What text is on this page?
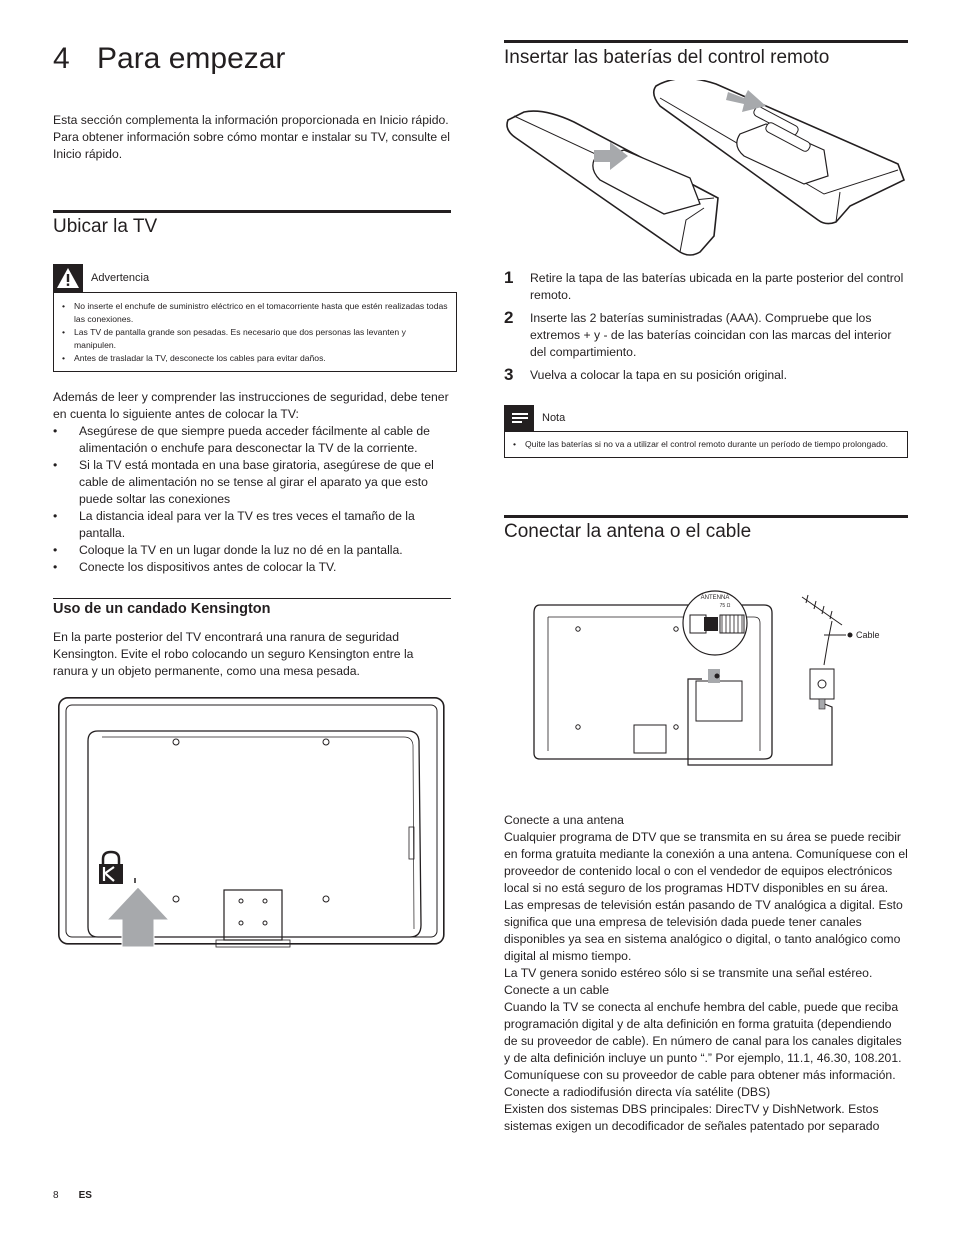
4 Para empezar

Esta sección complementa la información proporcionada en Inicio rápido. Para obtener información sobre cómo montar e instalar su TV, consulte el Inicio rápido.

Ubicar la TV
Advertencia
• No inserte el enchufe de suministro eléctrico en el tomacorriente hasta que estén realizadas todas las conexiones.
• Las TV de pantalla grande son pesadas. Es necesario que dos personas las levanten y manipulen.
• Antes de trasladar la TV, desconecte los cables para evitar daños.

Además de leer y comprender las instrucciones de seguridad, debe tener en cuenta lo siguiente antes de colocar la TV:

• Asegúrese de que siempre pueda acceder fácilmente al cable de alimentación o enchufe para desconectar la TV de la corriente.
• Si la TV está montada en una base giratoria, asegúrese de que el cable de alimentación no se tense al girar el aparato ya que esto puede soltar las conexiones
• La distancia ideal para ver la TV es tres veces el tamaño de la pantalla.
• Coloque la TV en un lugar donde la luz no dé en la pantalla.
• Conecte los dispositivos antes de colocar la TV.
Uso de un candado Kensington

En la parte posterior del TV encontrará una ranura de seguridad Kensington. Evite el robo colocando un seguro Kensington entre la ranura y un objeto permanente, como una mesa pesada.

Insertar las baterías del control remoto
1	Retire la tapa de las baterías ubicada en la parte posterior del control remoto.
2	Inserte las 2 baterías suministradas (AAA). Compruebe que los extremos + y - de las baterías coincidan con las marcas del interior del compartimiento.
3	Vuelva a colocar la tapa en su posición original.
Nota
• Quite las baterías si no va a utilizar el control remoto durante un período de tiempo prolongado.
Conectar la antena o el cable
ANTENNA
75 Ω
Cable

Conecte a una antena

Cualquier programa de DTV que se transmita en su área se puede recibir en forma gratuita mediante la conexión a una antena. Comuníquese con el proveedor de contenido local o con el vendedor de equipos electrónicos local si no está seguro de los programas HDTV disponibles en su área.

Las empresas de televisión están pasando de TV analógica a digital. Esto significa que una empresa de televisión dada puede tener canales disponibles ya sea en sistema analógico o digital, o tanto analógico como digital al mismo tiempo.

La TV genera sonido estéreo sólo si se transmite una señal estéreo.

Conecte a un cable

Cuando la TV se conecta al enchufe hembra del cable, puede que reciba programación digital y de alta definición en forma gratuita (dependiendo de su proveedor de cable). En número de canal para los canales digitales y de alta definición incluye un punto “.” Por ejemplo, 11.1, 46.30, 108.201. Comuníquese con su proveedor de cable para obtener más información.

Conecte a radiodifusión directa vía satélite (DBS)

Existen dos sistemas DBS principales: DirecTV y DishNetwork. Estos sistemas exigen un decodificador de señales patentado por separado

8 ES
